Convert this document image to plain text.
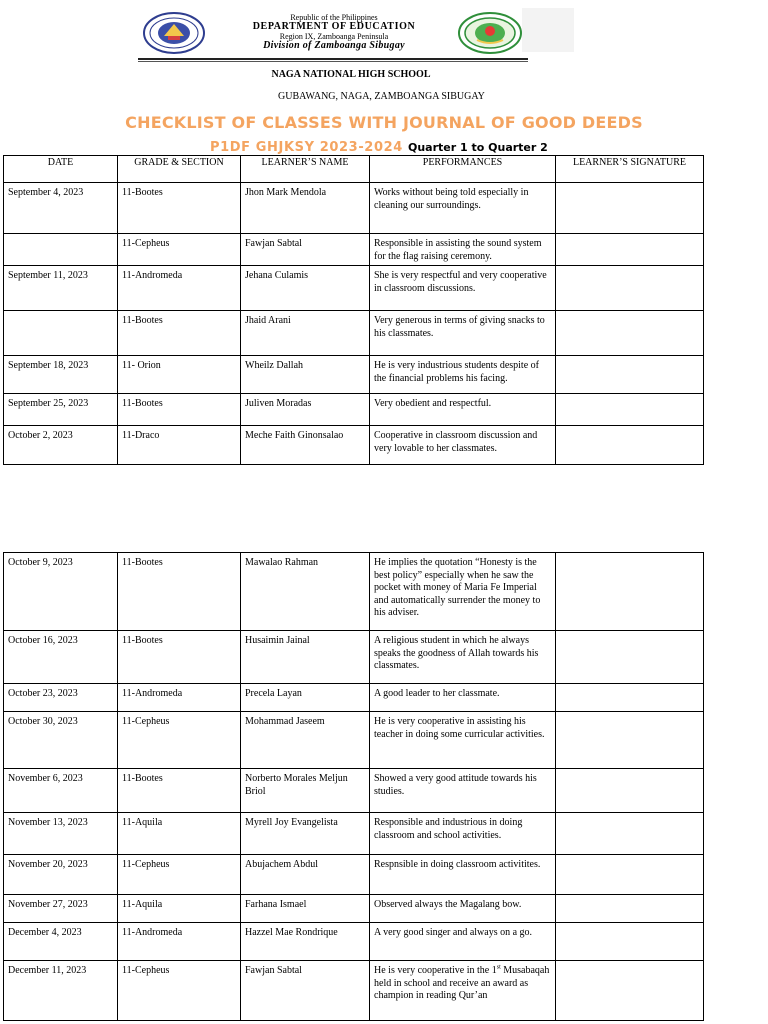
Republic of the Philippines
DEPARTMENT OF EDUCATION
Region IX, Zamboanga Peninsula
Division of Zamboanga Sibugay
NAGA NATIONAL HIGH SCHOOL
GUBAWANG, NAGA, ZAMBOANGA SIBUGAY
CHECKLIST OF CLASSES WITH JOURNAL OF GOOD DEEDS
P1DF GHJKSY 2023-2024 Quarter 1 to Quarter 2
DATE	GRADE & SECTION	LEARNER’S NAME	PERFORMANCES	LEARNER’S SIGNATURE
September 4, 2023	11-Bootes	Jhon Mark Mendola	Works without being told especially in cleaning our surroundings.	
	11-Cepheus	Fawjan Sabtal	Responsible in assisting the sound system for the flag raising ceremony.	
September 11, 2023	11-Andromeda	Jehana Culamis	She is very respectful and very cooperative in classroom discussions.	
	11-Bootes	Jhaid Arani	Very generous in terms of giving snacks to his classmates.	
September 18, 2023	11- Orion	Wheilz Dallah	He is very industrious students despite of the financial problems his facing.	
September 25, 2023	11-Bootes	Juliven Moradas	Very obedient and respectful.	
October 2, 2023	11-Draco	Meche Faith Ginonsalao	Cooperative in classroom discussion and very lovable to her classmates.	
October 9, 2023	11-Bootes	Mawalao Rahman	He implies the quotation “Honesty is the best policy” especially when he saw the pocket with money of Maria Fe Imperial and automatically surrender the money to his adviser.	
October 16, 2023	11-Bootes	Husaimin Jainal	A religious student in which he always speaks the goodness of Allah towards his classmates.	
October 23, 2023	11-Andromeda	Precela Layan	A good leader to her classmate.	
October 30, 2023	11-Cepheus	Mohammad Jaseem	He is very cooperative in assisting his teacher in doing some curricular activities.	
November 6, 2023	11-Bootes	Norberto Morales Meljun Briol	Showed a very good attitude towards his studies.	
November 13, 2023	11-Aquila	Myrell Joy Evangelista	Responsible and industrious in doing classroom and school activities.	
November 20, 2023	11-Cepheus	Abujachem Abdul	Respnsible in doing classroom activitites.	
November 27, 2023	11-Aquila	Farhana Ismael	Observed always the Magalang bow.	
December 4, 2023	11-Andromeda	Hazzel Mae Rondrique	A very good singer and always on a go.	
December 11, 2023	11-Cepheus	Fawjan Sabtal	He is very cooperative in the 1st Musabaqah held in school and receive an award as champion in reading Qur’an	
